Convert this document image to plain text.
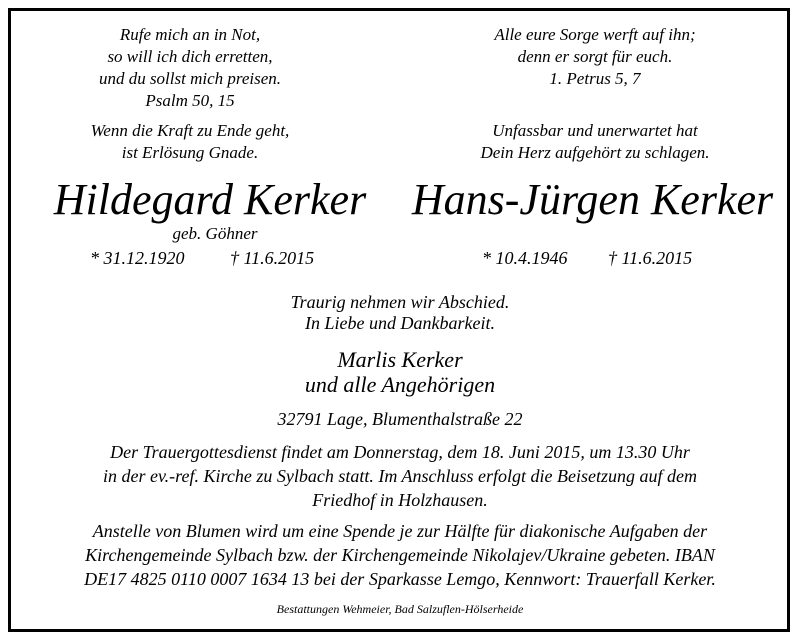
Rufe mich an in Not,
so will ich dich erretten,
und du sollst mich preisen.
Psalm 50, 15
Wenn die Kraft zu Ende geht,
ist Erlösung Gnade.
Hildegard Kerker
geb. Göhner
* 31.12.1920	† 11.6.2015
Alle eure Sorge werft auf ihn;
denn er sorgt für euch.
1. Petrus 5, 7
Unfassbar und unerwartet hat
Dein Herz aufgehört zu schlagen.
Hans-Jürgen Kerker
* 10.4.1946	† 11.6.2015
Traurig nehmen wir Abschied.
In Liebe und Dankbarkeit.
Marlis Kerker
und alle Angehörigen
32791 Lage, Blumenthalstraße 22
Der Trauergottesdienst findet am Donnerstag, dem 18. Juni 2015, um 13.30 Uhr
in der ev.-ref. Kirche zu Sylbach statt. Im Anschluss erfolgt die Beisetzung auf dem
Friedhof in Holzhausen.
Anstelle von Blumen wird um eine Spende je zur Hälfte für diakonische Aufgaben der
Kirchengemeinde Sylbach bzw. der Kirchengemeinde Nikolajev/Ukraine gebeten. IBAN
DE17 4825 0110 0007 1634 13 bei der Sparkasse Lemgo, Kennwort: Trauerfall Kerker.
Bestattungen Wehmeier, Bad Salzuflen-Hölserheide
